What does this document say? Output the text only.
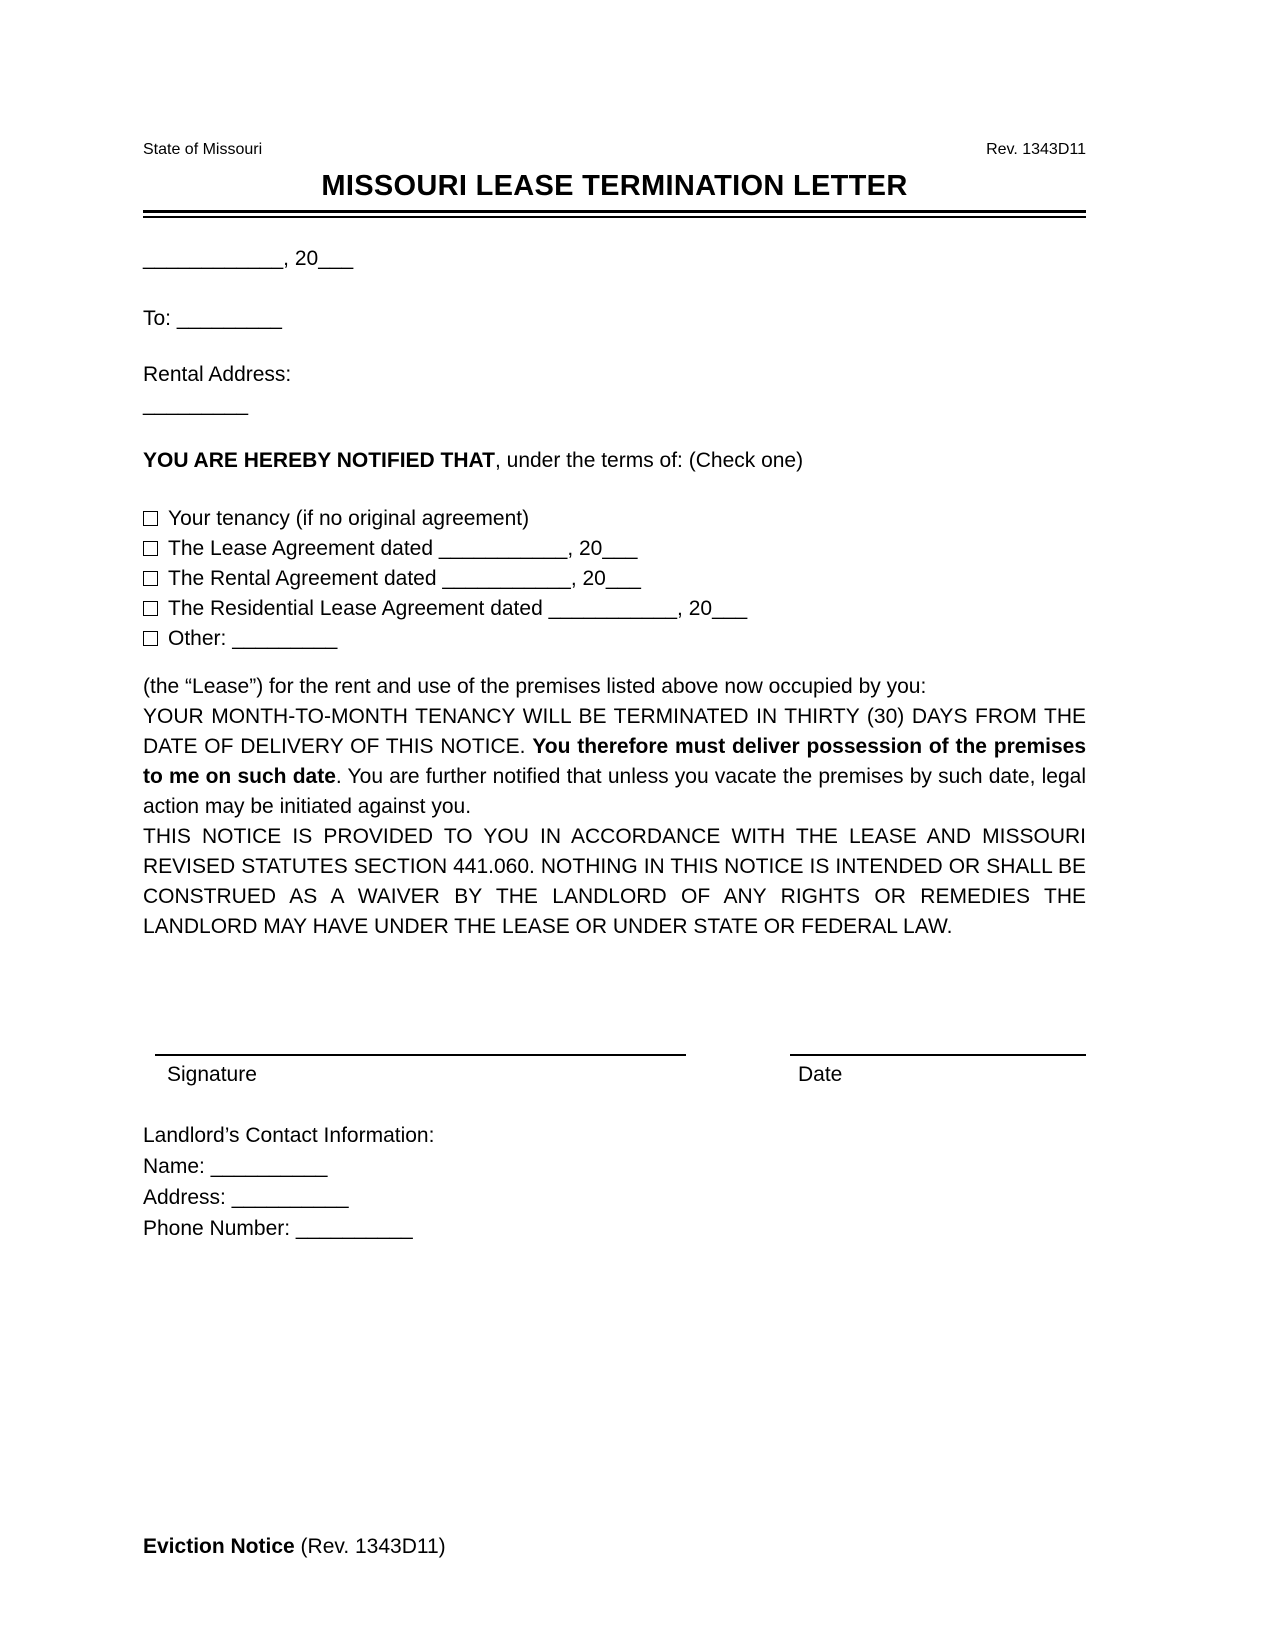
State of Missouri	Rev. 1343D11
MISSOURI LEASE TERMINATION LETTER

____________, 20___

To: _________

Rental Address:

_________

YOU ARE HEREBY NOTIFIED THAT, under the terms of: (Check one)

Your tenancy (if no original agreement)

The Lease Agreement dated ___________, 20___

The Rental Agreement dated ___________, 20___

The Residential Lease Agreement dated ___________, 20___

Other: _________

(the “Lease”) for the rent and use of the premises listed above now occupied by you:

YOUR MONTH-TO-MONTH TENANCY WILL BE TERMINATED IN THIRTY (30) DAYS FROM THE DATE OF DELIVERY OF THIS NOTICE. You therefore must deliver possession of the premises to me on such date. You are further notified that unless you vacate the premises by such date, legal action may be initiated against you.

THIS NOTICE IS PROVIDED TO YOU IN ACCORDANCE WITH THE LEASE AND MISSOURI REVISED STATUTES SECTION 441.060. NOTHING IN THIS NOTICE IS INTENDED OR SHALL BE CONSTRUED AS A WAIVER BY THE LANDLORD OF ANY RIGHTS OR REMEDIES THE LANDLORD MAY HAVE UNDER THE LEASE OR UNDER STATE OR FEDERAL LAW.

Signature	Date

Landlord’s Contact Information:

Name: __________

Address: __________

Phone Number: __________

Eviction Notice (Rev. 1343D11)
